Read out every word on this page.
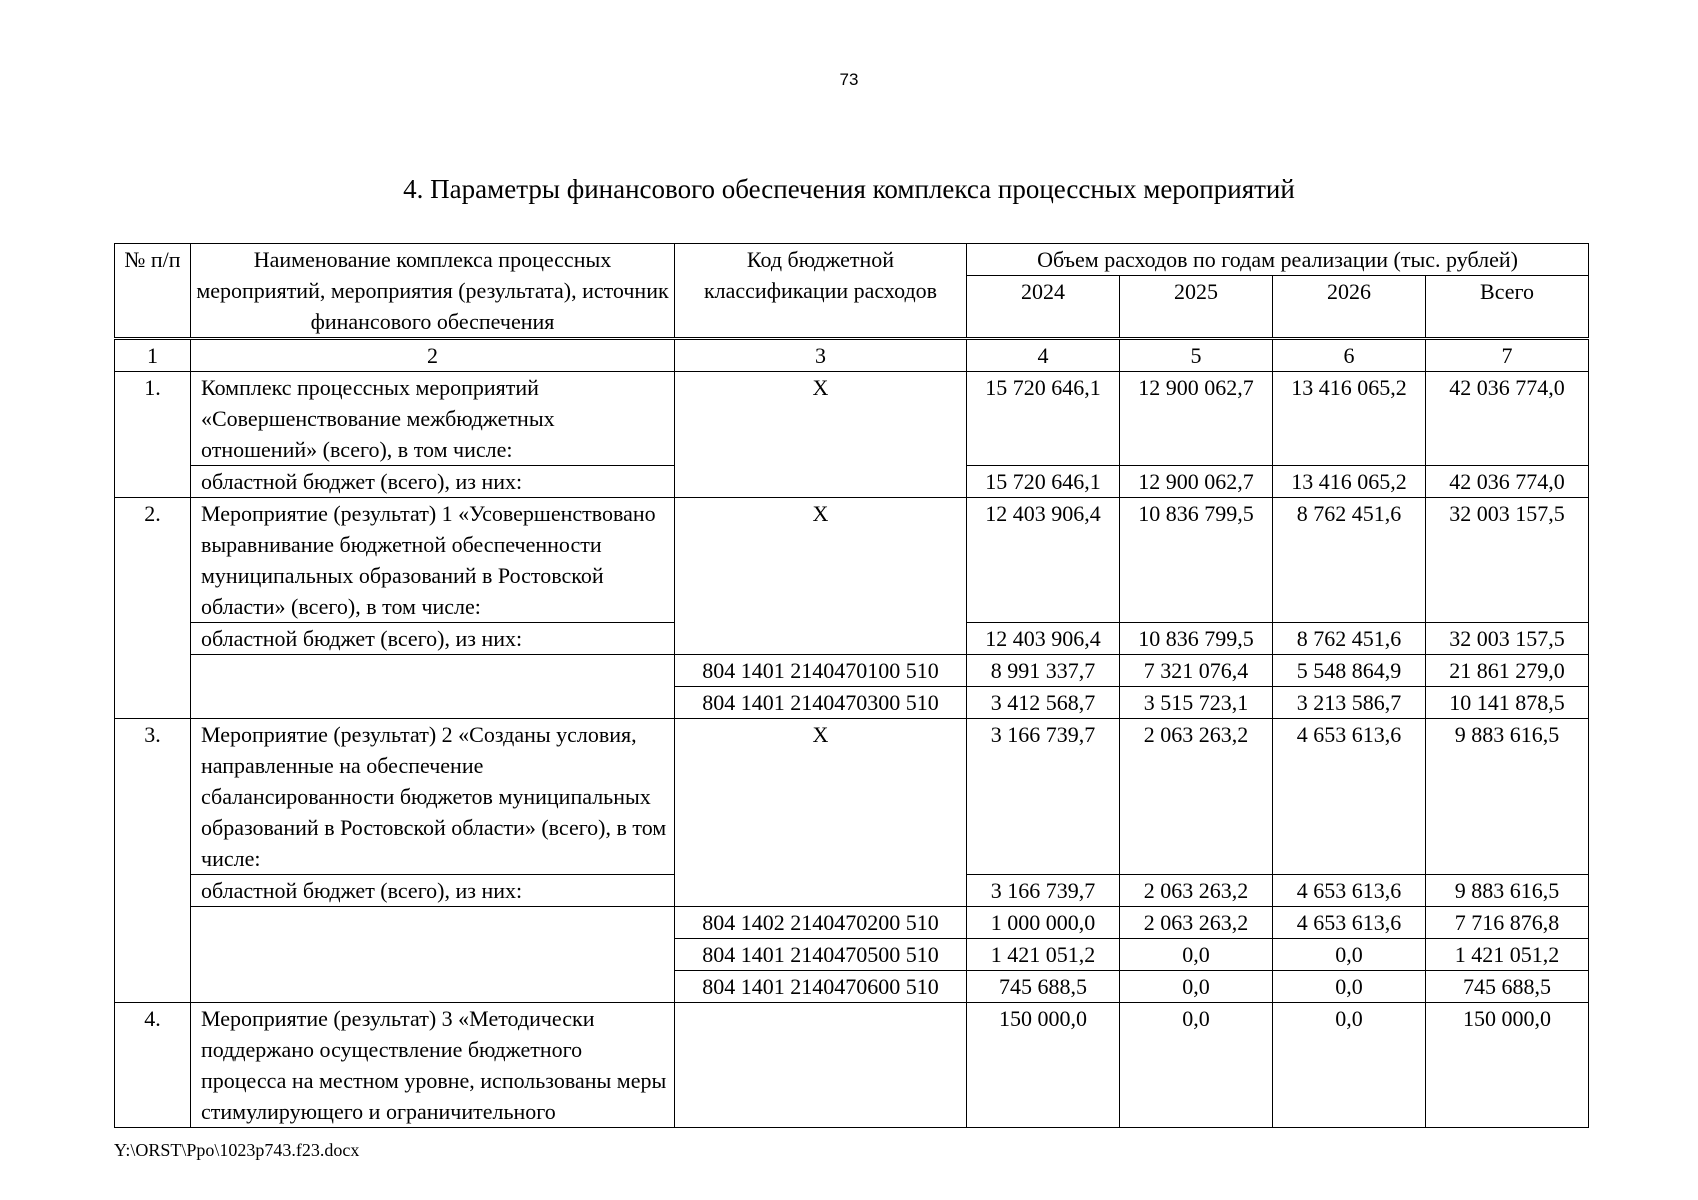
73
4. Параметры финансового обеспечения комплекса процессных мероприятий
№ п/п	Наименование комплекса процессных мероприятий, мероприятия (результата), источник финансового обеспечения	Код бюджетной классификации расходов	Объем расходов по годам реализации (тыс. рублей)			
			2024	2025	2026	Всего
1	2	3	4	5	6	7
1.	Комплекс процессных мероприятий «Совершенствование межбюджетных отношений» (всего), в том числе:	Х	15 720 646,1	12 900 062,7	13 416 065,2	42 036 774,0
	областной бюджет (всего), из них:		15 720 646,1	12 900 062,7	13 416 065,2	42 036 774,0
2.	Мероприятие (результат) 1 «Усовершенствовано выравнивание бюджетной обеспеченности муниципальных образований в Ростовской области» (всего), в том числе:	Х	12 403 906,4	10 836 799,5	8 762 451,6	32 003 157,5
	областной бюджет (всего), из них:		12 403 906,4	10 836 799,5	8 762 451,6	32 003 157,5
		804 1401 2140470100 510	8 991 337,7	7 321 076,4	5 548 864,9	21 861 279,0
		804 1401 2140470300 510	3 412 568,7	3 515 723,1	3 213 586,7	10 141 878,5
3.	Мероприятие (результат) 2 «Созданы условия, направленные на обеспечение сбалансированности бюджетов муниципальных образований в Ростовской области» (всего), в том числе:	Х	3 166 739,7	2 063 263,2	4 653 613,6	9 883 616,5
	областной бюджет (всего), из них:		3 166 739,7	2 063 263,2	4 653 613,6	9 883 616,5
		804 1402 2140470200 510	1 000 000,0	2 063 263,2	4 653 613,6	7 716 876,8
		804 1401 2140470500 510	1 421 051,2	0,0	0,0	1 421 051,2
		804 1401 2140470600 510	745 688,5	0,0	0,0	745 688,5
4.	Мероприятие (результат) 3 «Методически поддержано осуществление бюджетного процесса на местном уровне, использованы меры стимулирующего и ограничительного		150 000,0	0,0	0,0	150 000,0
Y:\ORST\Ppo\1023p743.f23.docx
